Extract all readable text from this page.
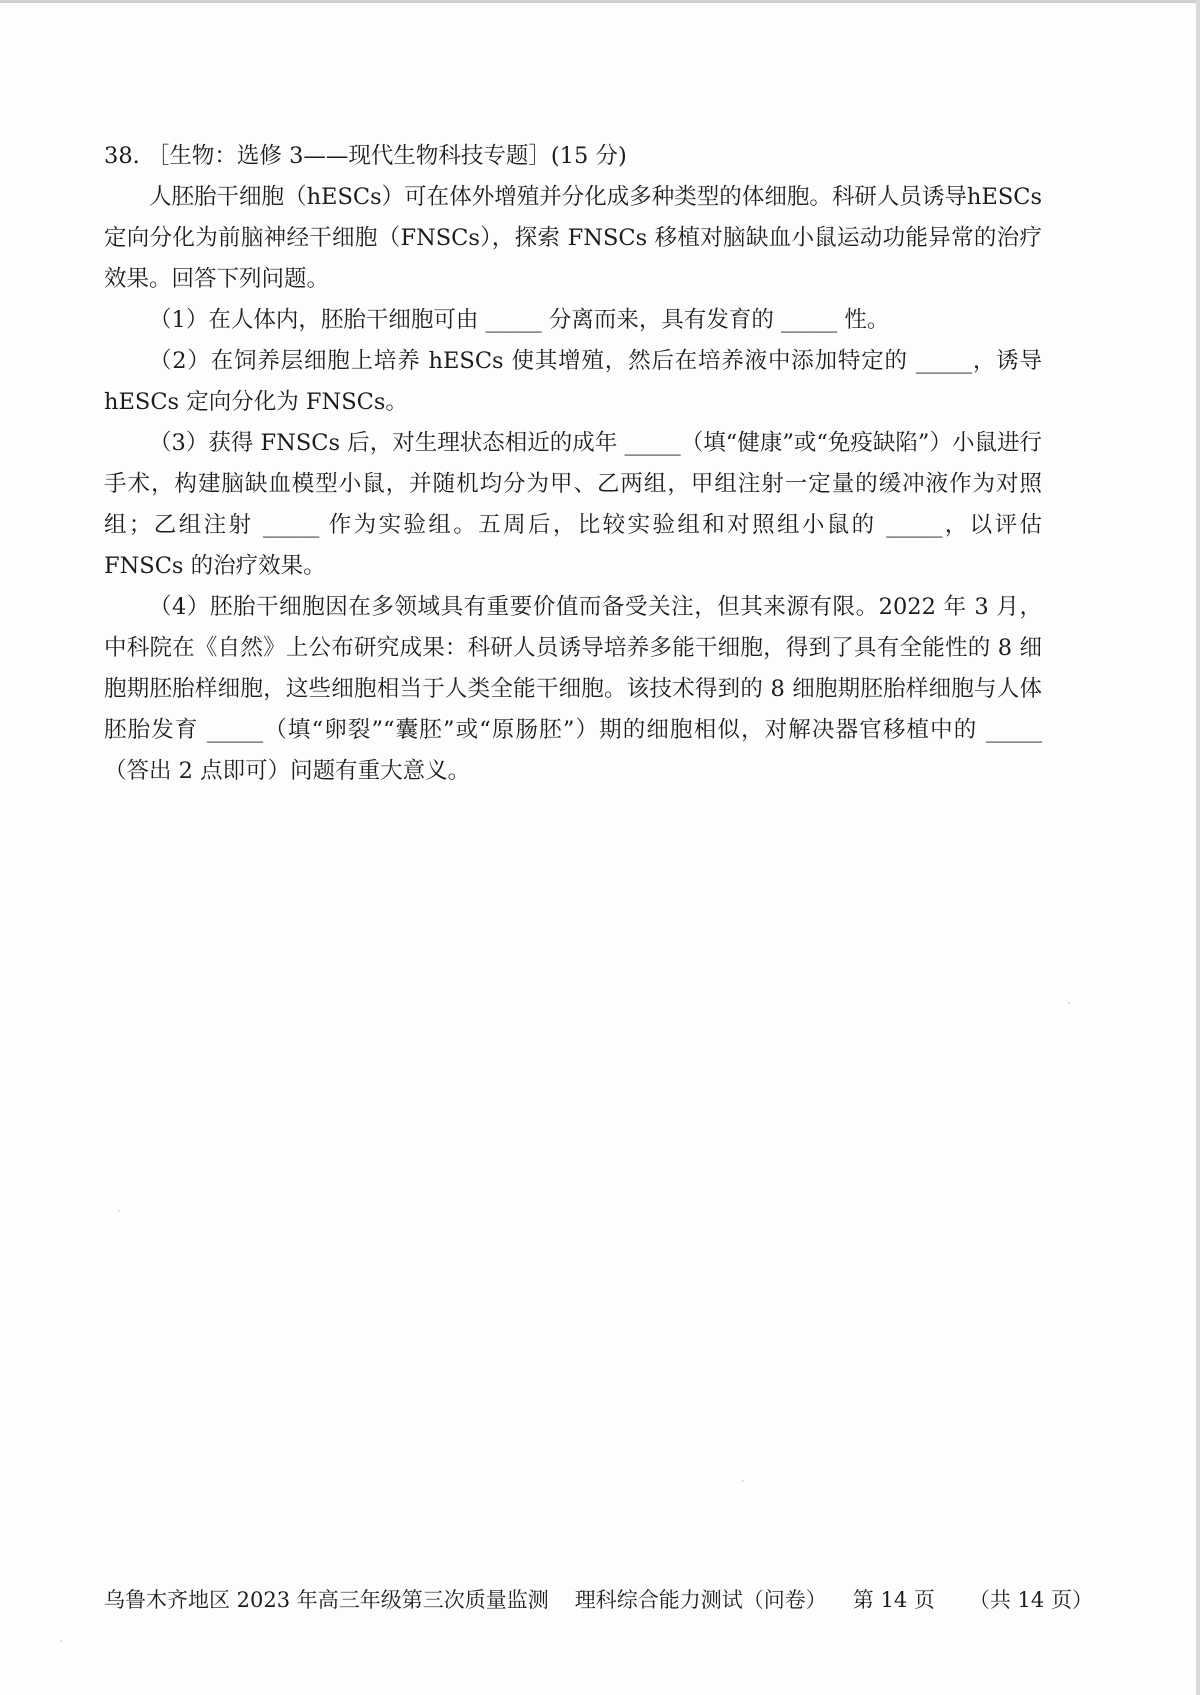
38. ［生物：选修 3——现代生物科技专题］(15 分)

人胚胎干细胞（hESCs）可在体外增殖并分化成多种类型的体细胞。科研人员诱导hESCs 定向分化为前脑神经干细胞（FNSCs），探索 FNSCs 移植对脑缺血小鼠运动功能异常的治疗效果。回答下列问题。

（1）在人体内，胚胎干细胞可由 _____ 分离而来，具有发育的 _____ 性。

（2）在饲养层细胞上培养 hESCs 使其增殖，然后在培养液中添加特定的 _____，诱导hESCs 定向分化为 FNSCs。

（3）获得 FNSCs 后，对生理状态相近的成年 _____（填“健康”或“免疫缺陷”）小鼠进行手术，构建脑缺血模型小鼠，并随机均分为甲、乙两组，甲组注射一定量的缓冲液作为对照组；乙组注射 _____ 作为实验组。五周后，比较实验组和对照组小鼠的 _____，以评估 FNSCs 的治疗效果。

（4）胚胎干细胞因在多领域具有重要价值而备受关注，但其来源有限。2022 年 3 月，中科院在《自然》上公布研究成果：科研人员诱导培养多能干细胞，得到了具有全能性的 8 细胞期胚胎样细胞，这些细胞相当于人类全能干细胞。该技术得到的 8 细胞期胚胎样细胞与人体胚胎发育 _____（填“卵裂”“囊胚”或“原肠胚”）期的细胞相似，对解决器官移植中的 _____（答出 2 点即可）问题有重大意义。

乌鲁木齐地区 2023 年高三年级第三次质量监测 理科综合能力测试（问卷） 第 14 页 （共 14 页）
